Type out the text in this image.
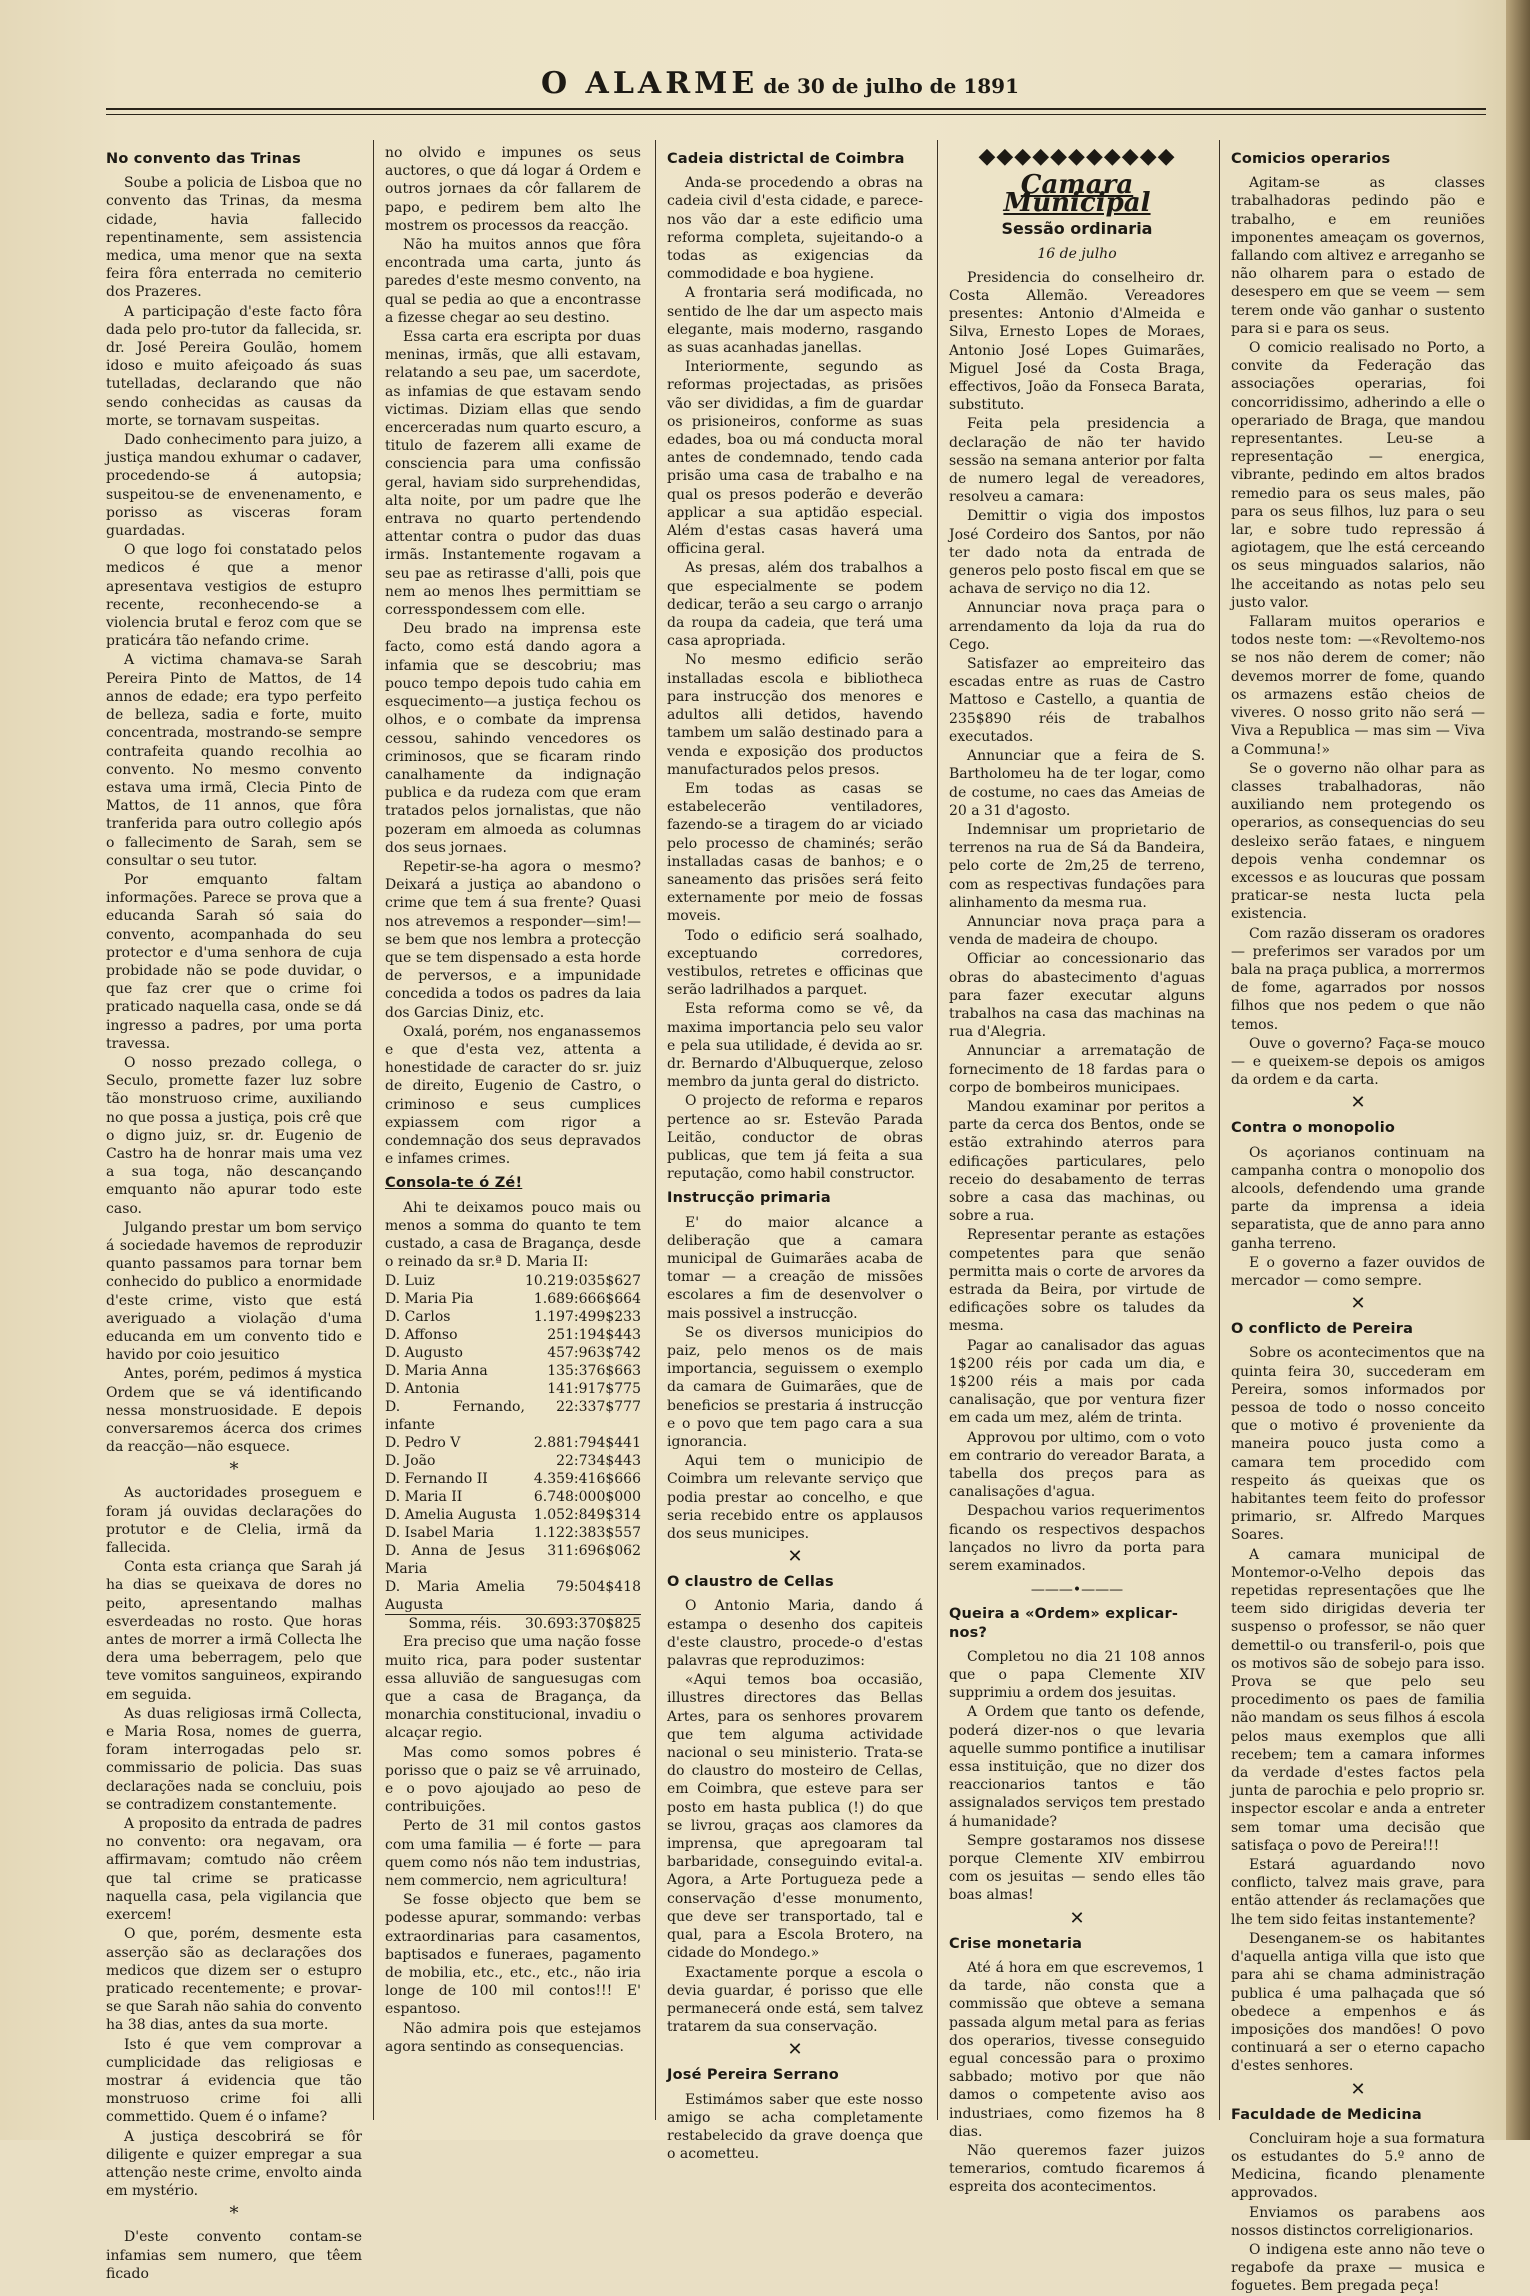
O ALARME de 30 de julho de 1891
No convento das Trinas

Soube a policia de Lisboa que no convento das Trinas, da mesma cidade, havia fallecido repentinamente, sem assistencia medica, uma menor que na sexta feira fôra enterrada no cemiterio dos Prazeres.

A participação d'este facto fôra dada pelo pro-tutor da fallecida, sr. dr. José Pereira Goulão, homem idoso e muito afeiçoado ás suas tutelladas, declarando que não sendo conhecidas as causas da morte, se tornavam suspeitas.

Dado conhecimento para juizo, a justiça mandou exhumar o cadaver, procedendo-se á autopsia; suspeitou-se de envenenamento, e porisso as visceras foram guardadas.

O que logo foi constatado pelos medicos é que a menor apresentava vestigios de estupro recente, reconhecendo-se a violencia brutal e feroz com que se praticára tão nefando crime.

A victima chamava-se Sarah Pereira Pinto de Mattos, de 14 annos de edade; era typo perfeito de belleza, sadia e forte, muito concentrada, mostrando-se sempre contrafeita quando recolhia ao convento. No mesmo convento estava uma irmã, Clecia Pinto de Mattos, de 11 annos, que fôra tranferida para outro collegio após o fallecimento de Sarah, sem se consultar o seu tutor.

Por emquanto faltam informações. Parece se prova que a educanda Sarah só saia do convento, acompanhada do seu protector e d'uma senhora de cuja probidade não se pode duvidar, o que faz crer que o crime foi praticado naquella casa, onde se dá ingresso a padres, por uma porta travessa.

O nosso prezado collega, o Seculo, promette fazer luz sobre tão monstruoso crime, auxiliando no que possa a justiça, pois crê que o digno juiz, sr. dr. Eugenio de Castro ha de honrar mais uma vez a sua toga, não descançando emquanto não apurar todo este caso.

Julgando prestar um bom serviço á sociedade havemos de reproduzir quanto passamos para tornar bem conhecido do publico a enormidade d'este crime, visto que está averiguado a violação d'uma educanda em um convento tido e havido por coio jesuitico

Antes, porém, pedimos á mystica Ordem que se vá identificando nessa monstruosidade. E depois conversaremos ácerca dos crimes da reacção—não esquece.

*

As auctoridades proseguem e foram já ouvidas declarações do protutor e de Clelia, irmã da fallecida.

Conta esta criança que Sarah já ha dias se queixava de dores no peito, apresentando malhas esverdeadas no rosto. Que horas antes de morrer a irmã Collecta lhe dera uma beberragem, pelo que teve vomitos sanguineos, expirando em seguida.

As duas religiosas irmã Collecta, e Maria Rosa, nomes de guerra, foram interrogadas pelo sr. commissario de policia. Das suas declarações nada se concluiu, pois se contradizem constantemente.

A proposito da entrada de padres no convento: ora negavam, ora affirmavam; comtudo não crêem que tal crime se praticasse naquella casa, pela vigilancia que exercem!

O que, porém, desmente esta asserção são as declarações dos medicos que dizem ser o estupro praticado recentemente; e provar-se que Sarah não sahia do convento ha 38 dias, antes da sua morte.

Isto é que vem comprovar a cumplicidade das religiosas e mostrar á evidencia que tão monstruoso crime foi alli commettido. Quem é o infame?

A justiça descobrirá se fôr diligente e quizer empregar a sua attenção neste crime, envolto ainda em mystério.

*

D'este convento contam-se infamias sem numero, que têem ficado

no olvido e impunes os seus auctores, o que dá logar á Ordem e outros jornaes da côr fallarem de papo, e pedirem bem alto lhe mostrem os processos da reacção.

Não ha muitos annos que fôra encontrada uma carta, junto ás paredes d'este mesmo convento, na qual se pedia ao que a encontrasse a fizesse chegar ao seu destino.

Essa carta era escripta por duas meninas, irmãs, que alli estavam, relatando a seu pae, um sacerdote, as infamias de que estavam sendo victimas. Diziam ellas que sendo encerceradas num quarto escuro, a titulo de fazerem alli exame de consciencia para uma confissão geral, haviam sido surprehendidas, alta noite, por um padre que lhe entrava no quarto pertendendo attentar contra o pudor das duas irmãs. Instantemente rogavam a seu pae as retirasse d'alli, pois que nem ao menos lhes permittiam se corresspondessem com elle.

Deu brado na imprensa este facto, como está dando agora a infamia que se descobriu; mas pouco tempo depois tudo cahia em esquecimento—a justiça fechou os olhos, e o combate da imprensa cessou, sahindo vencedores os criminosos, que se ficaram rindo canalhamente da indignação publica e da rudeza com que eram tratados pelos jornalistas, que não pozeram em almoeda as columnas dos seus jornaes.

Repetir-se-ha agora o mesmo? Deixará a justiça ao abandono o crime que tem á sua frente? Quasi nos atrevemos a responder—sim!—se bem que nos lembra a protecção que se tem dispensado a esta horde de perversos, e a impunidade concedida a todos os padres da laia dos Garcias Diniz, etc.

Oxalá, porém, nos enganassemos e que d'esta vez, attenta a honestidade de caracter do sr. juiz de direito, Eugenio de Castro, o criminoso e seus cumplices expiassem com rigor a condemnação dos seus depravados e infames crimes.

Consola-te ó Zé!

Ahi te deixamos pouco mais ou menos a somma do quanto te tem custado, a casa de Bragança, desde o reinado da sr.ª D. Maria II:

D. Luiz	10.219:035$627
D. Maria Pia	1.689:666$664
D. Carlos	1.197:499$233
D. Affonso	251:194$443
D. Augusto	457:963$742
D. Maria Anna	135:376$663
D. Antonia	141:917$775
D. Fernando, infante	22:337$777
D. Pedro V	2.881:794$441
D. João	22:734$443
D. Fernando II	4.359:416$666
D. Maria II	6.748:000$000
D. Amelia Augusta	1.052:849$314
D. Isabel Maria	1.122:383$557
D. Anna de Jesus Maria	311:696$062
D. Maria Amelia Augusta	79:504$418
Somma, réis.	30.693:370$825

Era preciso que uma nação fosse muito rica, para poder sustentar essa alluvião de sanguesugas com que a casa de Bragança, da monarchia constitucional, invadiu o alcaçar regio.

Mas como somos pobres é porisso que o paiz se vê arruinado, e o povo ajoujado ao peso de contribuições.

Perto de 31 mil contos gastos com uma familia — é forte — para quem como nós não tem industrias, nem commercio, nem agricultura!

Se fosse objecto que bem se podesse apurar, sommando: verbas extraordinarias para casamentos, baptisados e funeraes, pagamento de mobilia, etc., etc., etc., não iria longe de 100 mil contos!!! E' espantoso.

Não admira pois que estejamos agora sentindo as consequencias.

Cadeia districtal de Coimbra

Anda-se procedendo a obras na cadeia civil d'esta cidade, e parece-nos vão dar a este edificio uma reforma completa, sujeitando-o a todas as exigencias da commodidade e boa hygiene.

A frontaria será modificada, no sentido de lhe dar um aspecto mais elegante, mais moderno, rasgando as suas acanhadas janellas.

Interiormente, segundo as reformas projectadas, as prisões vão ser divididas, a fim de guardar os prisioneiros, conforme as suas edades, boa ou má conducta moral antes de condemnado, tendo cada prisão uma casa de trabalho e na qual os presos poderão e deverão applicar a sua aptidão especial. Além d'estas casas haverá uma officina geral.

As presas, além dos trabalhos a que especialmente se podem dedicar, terão a seu cargo o arranjo da roupa da cadeia, que terá uma casa apropriada.

No mesmo edificio serão installadas escola e bibliotheca para instrucção dos menores e adultos alli detidos, havendo tambem um salão destinado para a venda e exposição dos productos manufacturados pelos presos.

Em todas as casas se estabelecerão ventiladores, fazendo-se a tiragem do ar viciado pelo processo de chaminés; serão installadas casas de banhos; e o saneamento das prisões será feito externamente por meio de fossas moveis.

Todo o edificio será soalhado, exceptuando corredores, vestibulos, retretes e officinas que serão ladrilhados a parquet.

Esta reforma como se vê, da maxima importancia pelo seu valor e pela sua utilidade, é devida ao sr. dr. Bernardo d'Albuquerque, zeloso membro da junta geral do districto.

O projecto de reforma e reparos pertence ao sr. Estevão Parada Leitão, conductor de obras publicas, que tem já feita a sua reputação, como habil constructor.

Instrucção primaria

E' do maior alcance a deliberação que a camara municipal de Guimarães acaba de tomar — a creação de missões escolares a fim de desenvolver o mais possivel a instrucção.

Se os diversos municipios do paiz, pelo menos os de mais importancia, seguissem o exemplo da camara de Guimarães, que de beneficios se prestaria á instrucção e o povo que tem pago cara a sua ignorancia.

Aqui tem o municipio de Coimbra um relevante serviço que podia prestar ao concelho, e que seria recebido entre os applausos dos seus municipes.

✕
O claustro de Cellas

O Antonio Maria, dando á estampa o desenho dos capiteis d'este claustro, procede-o d'estas palavras que reproduzimos:

«Aqui temos boa occasião, illustres directores das Bellas Artes, para os senhores provarem que tem alguma actividade nacional o seu ministerio. Trata-se do claustro do mosteiro de Cellas, em Coimbra, que esteve para ser posto em hasta publica (!) do que se livrou, graças aos clamores da imprensa, que apregoaram tal barbaridade, conseguindo evital-a. Agora, a Arte Portugueza pede a conservação d'esse monumento, que deve ser transportado, tal e qual, para a Escola Brotero, na cidade do Mondego.»

Exactamente porque a escola o devia guardar, é porisso que elle permanecerá onde está, sem talvez tratarem da sua conservação.

✕
José Pereira Serrano

Estimámos saber que este nosso amigo se acha completamente restabelecido da grave doença que o acometteu.

◆◆◆◆◆◆◆◆◆◆◆
Camara Municipal
Sessão ordinaria
16 de julho

Presidencia do conselheiro dr. Costa Allemão. Vereadores presentes: Antonio d'Almeida e Silva, Ernesto Lopes de Moraes, Antonio José Lopes Guimarães, Miguel José da Costa Braga, effectivos, João da Fonseca Barata, substituto.

Feita pela presidencia a declaração de não ter havido sessão na semana anterior por falta de numero legal de vereadores, resolveu a camara:

Demittir o vigia dos impostos José Cordeiro dos Santos, por não ter dado nota da entrada de generos pelo posto fiscal em que se achava de serviço no dia 12.

Annunciar nova praça para o arrendamento da loja da rua do Cego.

Satisfazer ao empreiteiro das escadas entre as ruas de Castro Mattoso e Castello, a quantia de 235$890 réis de trabalhos executados.

Annunciar que a feira de S. Bartholomeu ha de ter logar, como de costume, no caes das Ameias de 20 a 31 d'agosto.

Indemnisar um proprietario de terrenos na rua de Sá da Bandeira, pelo corte de 2m,25 de terreno, com as respectivas fundações para alinhamento da mesma rua.

Annunciar nova praça para a venda de madeira de choupo.

Officiar ao concessionario das obras do abastecimento d'aguas para fazer executar alguns trabalhos na casa das machinas na rua d'Alegria.

Annunciar a arrematação de fornecimento de 18 fardas para o corpo de bombeiros municipaes.

Mandou examinar por peritos a parte da cerca dos Bentos, onde se estão extrahindo aterros para edificações particulares, pelo receio do desabamento de terras sobre a casa das machinas, ou sobre a rua.

Representar perante as estações competentes para que senão permitta mais o corte de arvores da estrada da Beira, por virtude de edificações sobre os taludes da mesma.

Pagar ao canalisador das aguas 1$200 réis por cada um dia, e 1$200 réis a mais por cada canalisação, que por ventura fizer em cada um mez, além de trinta.

Approvou por ultimo, com o voto em contrario do vereador Barata, a tabella dos preços para as canalisações d'agua.

Despachou varios requerimentos ficando os respectivos despachos lançados no livro da porta para serem examinados.

———•———
Queira a «Ordem» explicar-nos?

Completou no dia 21 108 annos que o papa Clemente XIV supprimiu a ordem dos jesuitas.

A Ordem que tanto os defende, poderá dizer-nos o que levaria aquelle summo pontifice a inutilisar essa instituição, que no dizer dos reaccionarios tantos e tão assignalados serviços tem prestado á humanidade?

Sempre gostaramos nos dissese porque Clemente XIV embirrou com os jesuitas — sendo elles tão boas almas!

✕
Crise monetaria

Até á hora em que escrevemos, 1 da tarde, não consta que a commissão que obteve a semana passada algum metal para as ferias dos operarios, tivesse conseguido egual concessão para o proximo sabbado; motivo por que não damos o competente aviso aos industriaes, como fizemos ha 8 dias.

Não queremos fazer juizos temerarios, comtudo ficaremos á espreita dos acontecimentos.

Comicios operarios

Agitam-se as classes trabalhadoras pedindo pão e trabalho, e em reuniões imponentes ameaçam os governos, fallando com altivez e arreganho se não olharem para o estado de desespero em que se veem — sem terem onde vão ganhar o sustento para si e para os seus.

O comicio realisado no Porto, a convite da Federação das associações operarias, foi concorridissimo, adherindo a elle o operariado de Braga, que mandou representantes. Leu-se a representação — energica, vibrante, pedindo em altos brados remedio para os seus males, pão para os seus filhos, luz para o seu lar, e sobre tudo repressão á agiotagem, que lhe está cerceando os seus minguados salarios, não lhe acceitando as notas pelo seu justo valor.

Fallaram muitos operarios e todos neste tom: —«Revoltemo-nos se nos não derem de comer; não devemos morrer de fome, quando os armazens estão cheios de viveres. O nosso grito não será — Viva a Republica — mas sim — Viva a Communa!»

Se o governo não olhar para as classes trabalhadoras, não auxiliando nem protegendo os operarios, as consequencias do seu desleixo serão fataes, e ninguem depois venha condemnar os excessos e as loucuras que possam praticar-se nesta lucta pela existencia.

Com razão disseram os oradores — preferimos ser varados por um bala na praça publica, a morrermos de fome, agarrados por nossos filhos que nos pedem o que não temos.

Ouve o governo? Faça-se mouco — e queixem-se depois os amigos da ordem e da carta.

✕
Contra o monopolio

Os açorianos continuam na campanha contra o monopolio dos alcools, defendendo uma grande parte da imprensa a ideia separatista, que de anno para anno ganha terreno.

E o governo a fazer ouvidos de mercador — como sempre.

✕
O conflicto de Pereira

Sobre os acontecimentos que na quinta feira 30, succederam em Pereira, somos informados por pessoa de todo o nosso conceito que o motivo é proveniente da maneira pouco justa como a camara tem procedido com respeito ás queixas que os habitantes teem feito do professor primario, sr. Alfredo Marques Soares.

A camara municipal de Montemor-o-Velho depois das repetidas representações que lhe teem sido dirigidas deveria ter suspenso o professor, se não quer demettil-o ou transferil-o, pois que os motivos são de sobejo para isso. Prova se que pelo seu procedimento os paes de familia não mandam os seus filhos á escola pelos maus exemplos que alli recebem; tem a camara informes da verdade d'estes factos pela junta de parochia e pelo proprio sr. inspector escolar e anda a entreter sem tomar uma decisão que satisfaça o povo de Pereira!!!

Estará aguardando novo conflicto, talvez mais grave, para então attender ás reclamações que lhe tem sido feitas instantemente?

Desenganem-se os habitantes d'aquella antiga villa que isto que para ahi se chama administração publica é uma palhaçada que só obedece a empenhos e ás imposições dos mandões! O povo continuará a ser o eterno capacho d'estes senhores.

✕
Faculdade de Medicina

Concluiram hoje a sua formatura os estudantes do 5.º anno de Medicina, ficando plenamente approvados.

Enviamos os parabens aos nossos distinctos correligionarios.

O indigena este anno não teve o regabofe da praxe — musica e foguetes. Bem pregada peça!
